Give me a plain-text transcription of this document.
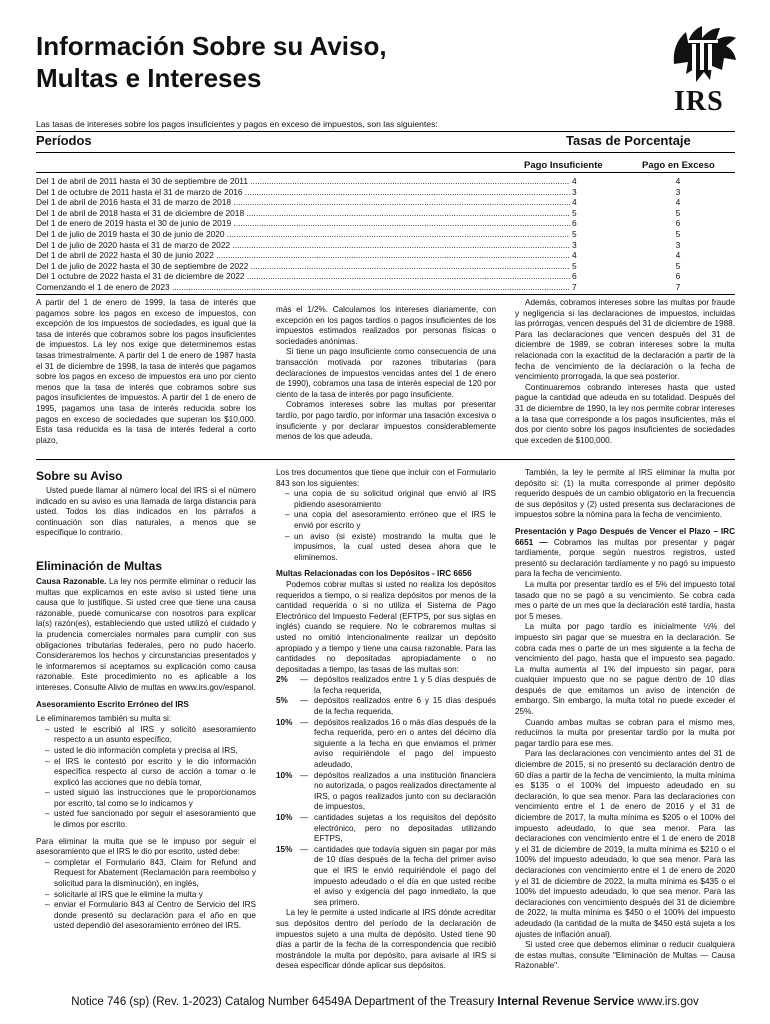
Información Sobre su Aviso,
Multas e Intereses
IRS
Las tasas de intereses sobre los pagos insuficientes y pagos en exceso de impuestos, son las siguientes:
Períodos	Tasas de Porcentaje
Pago Insuficiente	Pago en Exceso
Del 1 de abril de 2011 hasta el 30 de septiembre de 2011 .....	4	4
Del 1 de octubre de 2011 hasta el 31 de marzo de 2016 .....	3	3
Del 1 de abril de 2016 hasta el 31 de marzo de 2018 .....	4	4
Del 1 de abril de 2018 hasta el 31 de diciembre de 2018 .....	5	5
Del 1 de enero de 2019 hasta el 30 de junio de 2019 .....	6	6
Del 1 de julio de 2019 hasta el 30 de junio de 2020 .....	5	5
Del 1 de julio de 2020 hasta el 31 de marzo de 2022 .....	3	3
Del 1 de abril de 2022 hasta el 30 de junio 2022 .....	4	4
Del 1 de julio de 2022 hasta el 30 de septiembre de 2022 .....	5	5
Del 1 octubre de 2022 hasta el 31 de diciembre de 2022 .....	6	6
Comenzando el 1 de enero de 2023 .....	7	7
A partir del 1 de enero de 1999, la tasa de interés que pagamos sobre los pagos en exceso de impuestos, con excepción de los impuestos de sociedades, es igual que la tasa de interés que cobramos sobre los pagos insuficientes de impuestos. La ley nos exige que determinemos estas tasas trimestralmente. A partir del 1 de enero de 1987 hasta el 31 de diciembre de 1998, la tasa de interés que pagamos sobre los pagos en exceso de impuestos era uno por ciento menos que la tasa de interés que cobramos sobre sus pagos insuficientes de impuestos. A partir del 1 de enero de 1995, pagamos una tasa de interés reducida sobre los pagos en exceso de sociedades que superan los $10,000. Esta tasa reducida es la tasa de interés federal a corto plazo,

más el 1/2%. Calculamos los intereses diariamente, con excepción en los pagos tardíos o pagos insuficientes de los impuestos estimados realizados por personas físicas o sociedades anónimas.

Si tiene un pago insuficiente como consecuencia de una transacción motivada por razones tributarias (para declaraciones de impuestos vencidas antes del 1 de enero de 1990), cobramos una tasa de interés especial de 120 por ciento de la tasa de interés por pago insuficiente.

Cobramos intereses sobre las multas por presentar tardío, por pago tardío, por informar una tasación excesiva o insuficiente y por declarar impuestos considerablemente menos de los que adeuda.

Además, cobramos intereses sobre las multas por fraude y negligencia si las declaraciones de impuestos, incluidas las prórrogas, vencen después del 31 de diciembre de 1988. Para las declaraciones que vencen después del 31 de diciembre de 1989, se cobran intereses sobre la multa relacionada con la exactitud de la declaración a partir de la fecha de vencimiento de la declaración o la fecha de vencimiento prorrogada, la que sea posterior.

Continuaremos cobrando intereses hasta que usted pague la cantidad que adeuda en su totalidad. Después del 31 de diciembre de 1990, la ley nos permite cobrar intereses a la tasa que corresponde a los pagos insuficientes, más el dos por ciento sobre los pagos insuficientes de sociedades que exceden de $100,000.

Sobre su Aviso

Usted puede llamar al número local del IRS si el número indicado en su aviso es una llamada de larga distancia para usted. Todos los días indicados en los párrafos a continuación son días naturales, a menos que se especifique lo contrario.

Eliminación de Multas

Causa Razonable. La ley nos permite eliminar o reducir las multas que explicamos en este aviso si usted tiene una causa que lo justifique. Si usted cree que tiene una causa razonable, puede comunicarse con nosotros para explicar la(s) razón(es), estableciendo que usted utilizó el cuidado y la prudencia comerciales normales para cumplir con sus obligaciones tributarias federales, pero no pudo hacerlo. Consideraremos los hechos y circunstancias presentados y le informaremos si aceptamos su explicación como causa razonable. Este procedimiento no es aplicable a los intereses. Consulte Alivio de multas en www.irs.gov/espanol.

Asesoramiento Escrito Erróneo del IRS

Le eliminaremos también su multa si:

– usted le escribió al IRS y solicitó asesoramiento respecto a un asunto específico,
– usted le dio información completa y precisa al IRS,
– el IRS le contestó por escrito y le dio información específica respecto al curso de acción a tomar o le explicó las acciones que no debía tomar,
– usted siguió las instrucciones que le proporcionamos por escrito, tal como se lo indicamos y
– usted fue sancionado por seguir el asesoramiento que le dimos por escrito.

Para eliminar la multa que se le impuso por seguir el asesoramiento que el IRS le dio por escrito, usted debe:

– completar el Formulario 843, Claim for Refund and Request for Abatement (Reclamación para reembolso y solicitud para la disminución), en inglés,
– solicitarle al IRS que le elimine la multa y
– enviar el Formulario 843 al Centro de Servicio del IRS donde presentó su declaración para el año en que usted dependió del asesoramiento erróneo del IRS.

Los tres documentos que tiene que incluir con el Formulario 843 son los siguientes:

– una copia de su solicitud original que envió al IRS pidiendo asesoramiento
– una copia del asesoramiento erróneo que el IRS le envió por escrito y
– un aviso (si existe) mostrando la multa que le impusimos, la cual usted desea ahora que le eliminemos.

Multas Relacionadas con los Depósitos - IRC 6656

Podemos cobrar multas si usted no realiza los depósitos requeridos a tiempo, o si realiza depósitos por menos de la cantidad requerida o si no utiliza el Sistema de Pago Electrónico del Impuesto Federal (EFTPS, por sus siglas en inglés) cuando se requiere. No le cobraremos multas si usted no omitió intencionalmente realizar un depósito apropiado y a tiempo y tiene una causa razonable. Para las cantidades no depositadas apropiadamente o no depositadas a tiempo, las tasas de las multas son:

2%	— depósitos realizados entre 1 y 5 días después de la fecha requerida,
5%	— depósitos realizados entre 6 y 15 días después de la fecha requerida,
10% — depósitos realizados 16 o más días después de la fecha requerida, pero en o antes del décimo día siguiente a la fecha en que enviamos el primer aviso requiriéndole el pago del impuesto adeudado,
10% — depósitos realizados a una institución financiera no autorizada, o pagos realizados directamente al IRS, o pagos realizados junto con su declaración de impuestos,
10% — cantidades sujetas a los requisitos del depósito electrónico, pero no depositadas utilizando EFTPS,
15% — cantidades que todavía siguen sin pagar por más de 10 días después de la fecha del primer aviso que el IRS le envió requiriéndole el pago del impuesto adeudado o el día en que usted recibe el aviso y exigencia del pago inmediato, la que sea primero.

La ley le permite a usted indicarle al IRS dónde acreditar sus depósitos dentro del período de la declaración de impuestos sujeto a una multa de depósito. Usted tiene 90 días a partir de la fecha de la correspondencia que recibió mostrándole la multa por depósito, para avisarle al IRS si desea especificar dónde aplicar sus depósitos.

También, la ley le permite al IRS eliminar la multa por depósito si: (1) la multa corresponde al primer depósito requerido después de un cambio obligatorio en la frecuencia de sus depósitos y (2) usted presenta sus declaraciones de impuestos sobre la nómina para la fecha de vencimiento.

Presentación y Pago Después de Vencer el Plazo – IRC 6651 — Cobramos las multas por presentar y pagar tardíamente, porque según nuestros registros, usted presentó su declaración tardíamente y no pagó su impuesto para la fecha de vencimiento.

La multa por presentar tardío es el 5% del impuesto total tasado que no se pagó a su vencimiento. Se cobra cada mes o parte de un mes que la declaración esté tardía, hasta por 5 meses.

La multa por pago tardío es inicialmente ½% del impuesto sin pagar que se muestra en la declaración. Se cobra cada mes o parte de un mes siguiente a la fecha de vencimiento del pago, hasta que el impuesto sea pagado. La multa aumenta al 1% del impuesto sin pagar, para cualquier impuesto que no se pague dentro de 10 días después de que emitamos un aviso de intención de embargo. Sin embargo, la multa total no puede exceder el 25%.

Cuando ambas multas se cobran para el mismo mes, reducimos la multa por presentar tardío por la multa por pagar tardío para ese mes.

Para las declaraciones con vencimiento antes del 31 de diciembre de 2015, si no presentó su declaración dentro de 60 días a partir de la fecha de vencimiento, la multa mínima es $135 o el 100% del impuesto adeudado en su declaración, lo que sea menor. Para las declaraciones con vencimiento entre el 1 de enero de 2016 y el 31 de diciembre de 2017, la multa mínima es $205 o el 100% del impuesto adeudado, lo que sea menor. Para las declaraciones con vencimiento entre el 1 de enero de 2018 y el 31 de diciembre de 2019, la multa mínima es $210 o el 100% del impuesto adeudado, lo que sea menor. Para las declaraciones con vencimiento entre el 1 de enero de 2020 y el 31 de diciembre de 2022, la multa mínima es $435 o el 100% del impuesto adeudado, lo que sea menor. Para las declaraciones con vencimiento después del 31 de diciembre de 2022, la multa mínima es $450 o el 100% del impuesto adeudado (la cantidad de la multa de $450 está sujeta a los ajustes de inflación anual).

Si usted cree que debemos eliminar o reducir cualquiera de estas multas, consulte "Eliminación de Multas — Causa Razonable".

Notice 746 (sp) (Rev. 1-2023) Catalog Number 64549A Department of the Treasury Internal Revenue Service www.irs.gov
